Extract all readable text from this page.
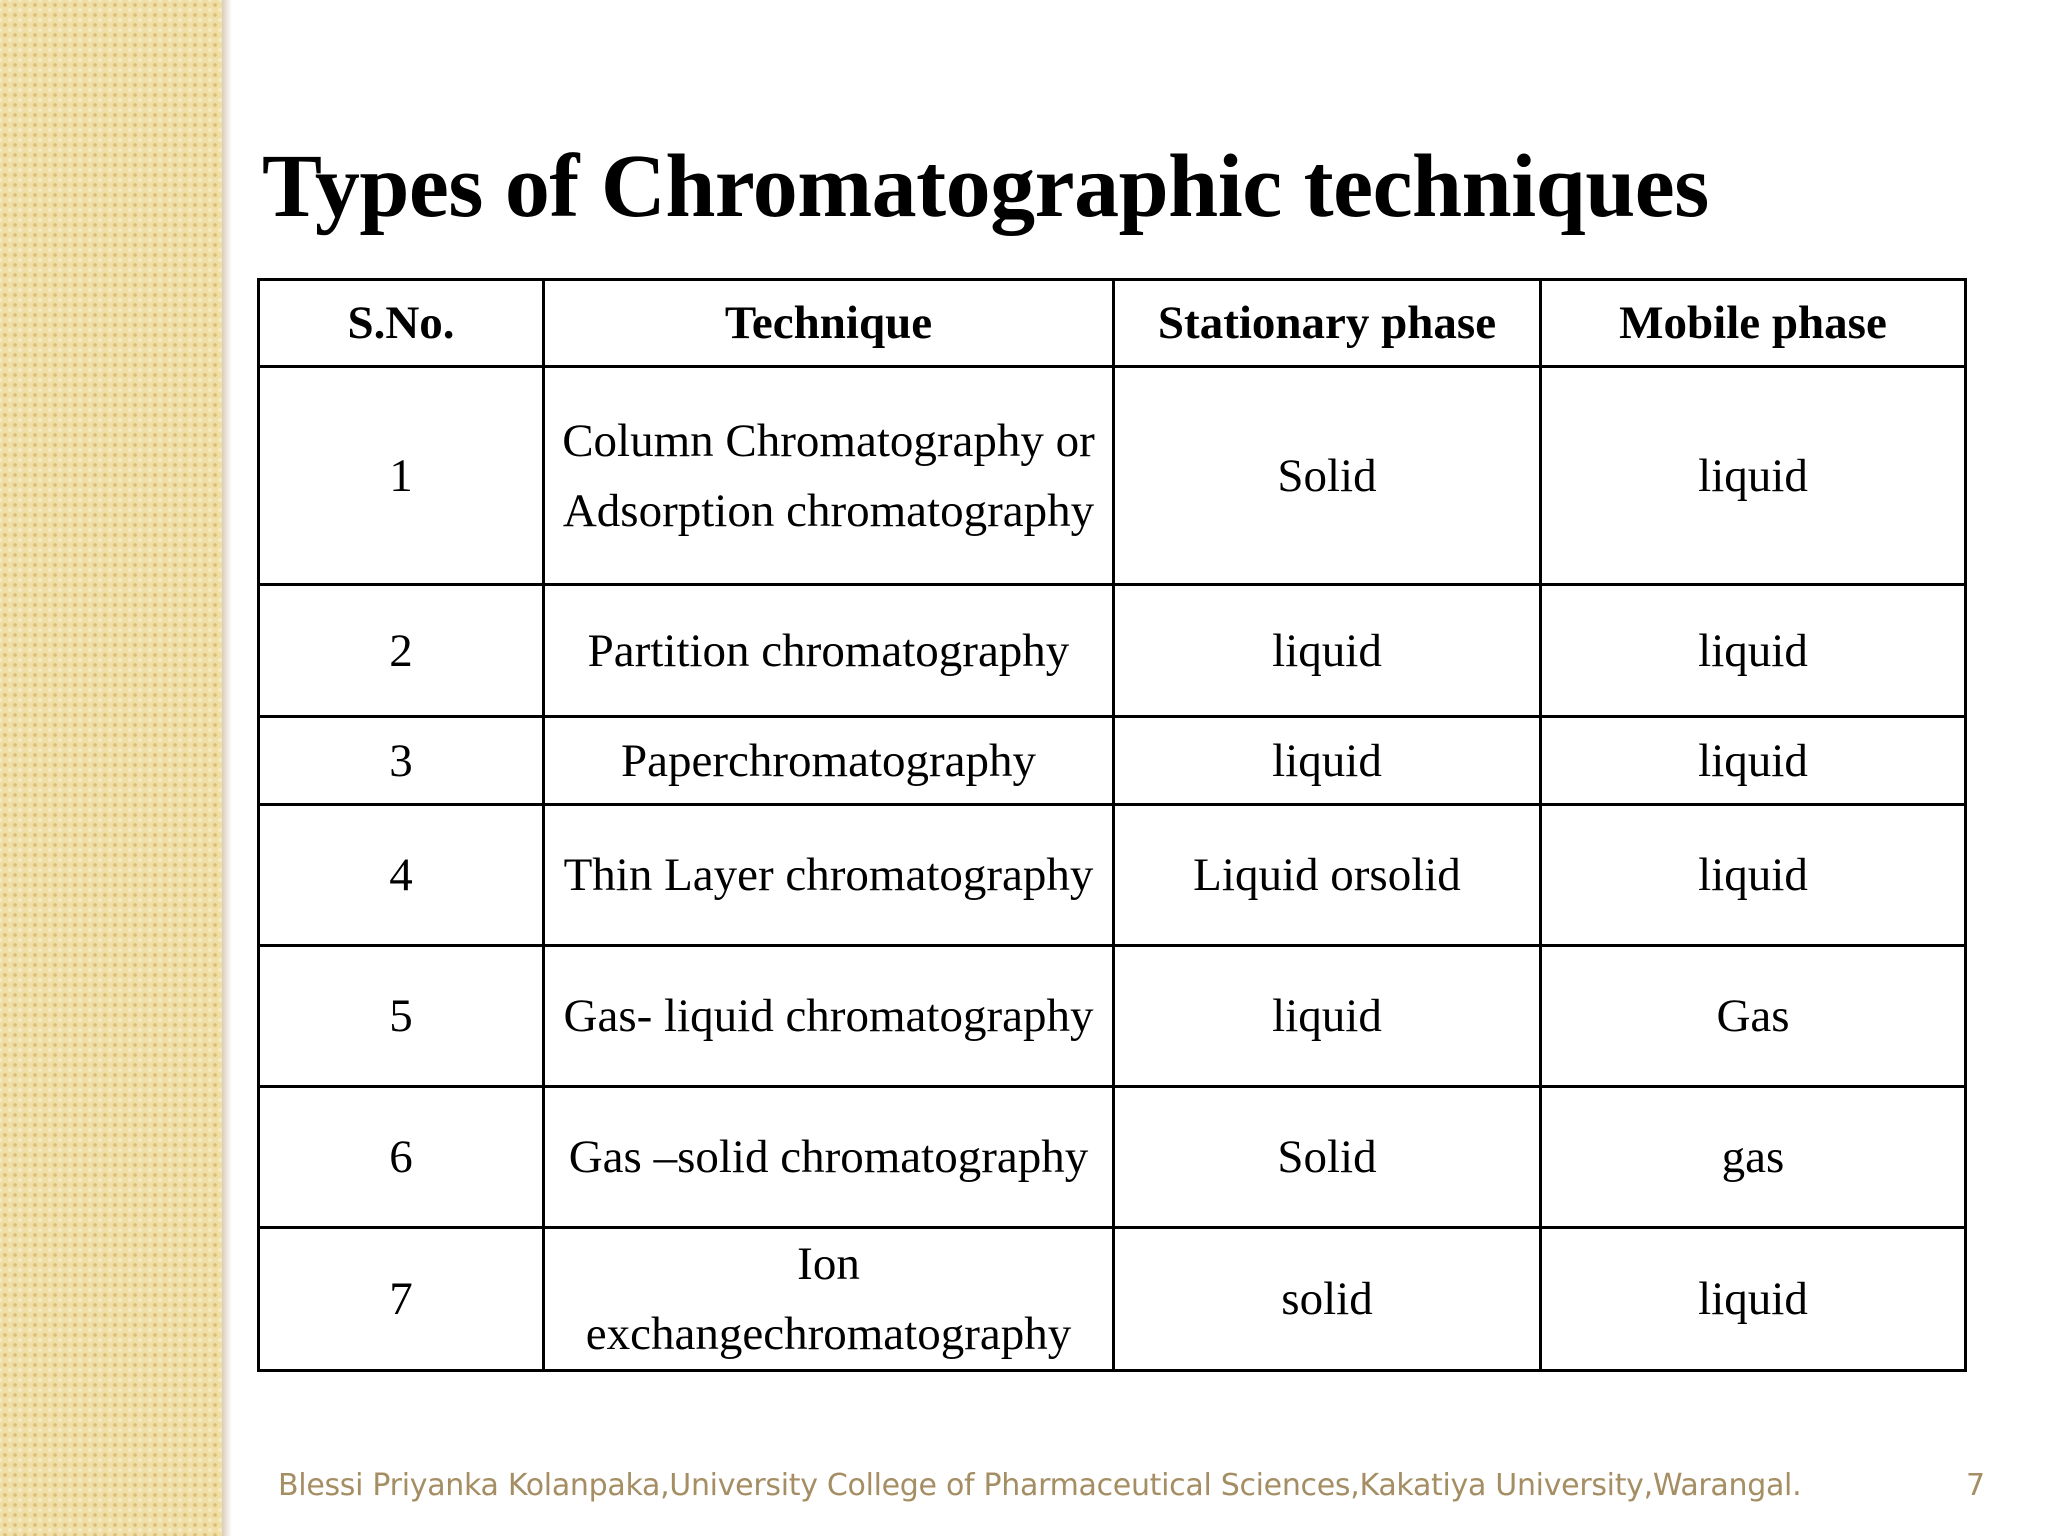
Types of Chromatographic techniques
S.No.	Technique	Stationary phase	Mobile phase
1	Column Chromatography or Adsorption chromatography	Solid	liquid
2	Partition chromatography	liquid	liquid
3	Paperchromatography	liquid	liquid
4	Thin Layer chromatography	Liquid orsolid	liquid
5	Gas- liquid chromatography	liquid	Gas
6	Gas –solid chromatography	Solid	gas
7	Ion exchangechromatography	solid	liquid
Blessi Priyanka Kolanpaka,University College of Pharmaceutical Sciences,Kakatiya University,Warangal.	7
